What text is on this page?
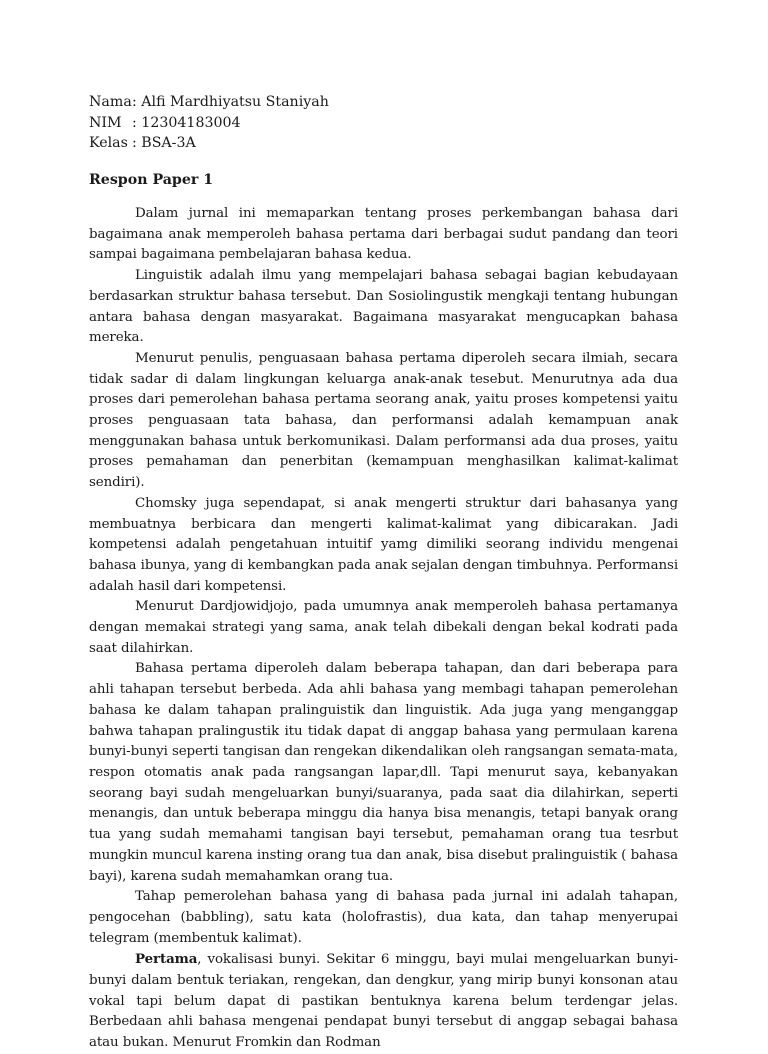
Nama : Alfi Mardhiyatsu Staniyah
NIM : 12304183004
Kelas : BSA-3A
Respon Paper 1

Dalam jurnal ini memaparkan tentang proses perkembangan bahasa dari bagaimana anak memperoleh bahasa pertama dari berbagai sudut pandang dan teori sampai bagaimana pembelajaran bahasa kedua.

Linguistik adalah ilmu yang mempelajari bahasa sebagai bagian kebudayaan berdasarkan struktur bahasa tersebut. Dan Sosiolingustik mengkaji tentang hubungan antara bahasa dengan masyarakat. Bagaimana masyarakat mengucapkan bahasa mereka.

Menurut penulis, penguasaan bahasa pertama diperoleh secara ilmiah, secara tidak sadar di dalam lingkungan keluarga anak-anak tesebut. Menurutnya ada dua proses dari pemerolehan bahasa pertama seorang anak, yaitu proses kompetensi yaitu proses penguasaan tata bahasa, dan performansi adalah kemampuan anak menggunakan bahasa untuk berkomunikasi. Dalam performansi ada dua proses, yaitu proses pemahaman dan penerbitan (kemampuan menghasilkan kalimat-kalimat sendiri).

Chomsky juga sependapat, si anak mengerti struktur dari bahasanya yang membuatnya berbicara dan mengerti kalimat-kalimat yang dibicarakan. Jadi kompetensi adalah pengetahuan intuitif yamg dimiliki seorang individu mengenai bahasa ibunya, yang di kembangkan pada anak sejalan dengan timbuhnya. Performansi adalah hasil dari kompetensi.

Menurut Dardjowidjojo, pada umumnya anak memperoleh bahasa pertamanya dengan memakai strategi yang sama, anak telah dibekali dengan bekal kodrati pada saat dilahirkan.

Bahasa pertama diperoleh dalam beberapa tahapan, dan dari beberapa para ahli tahapan tersebut berbeda. Ada ahli bahasa yang membagi tahapan pemerolehan bahasa ke dalam tahapan pralinguistik dan linguistik. Ada juga yang menganggap bahwa tahapan pralingustik itu tidak dapat di anggap bahasa yang permulaan karena bunyi-bunyi seperti tangisan dan rengekan dikendalikan oleh rangsangan semata-mata, respon otomatis anak pada rangsangan lapar,dll. Tapi menurut saya, kebanyakan seorang bayi sudah mengeluarkan bunyi/suaranya, pada saat dia dilahirkan, seperti menangis, dan untuk beberapa minggu dia hanya bisa menangis, tetapi banyak orang tua yang sudah memahami tangisan bayi tersebut, pemahaman orang tua tesrbut mungkin muncul karena insting orang tua dan anak, bisa disebut pralinguistik ( bahasa bayi), karena sudah memahamkan orang tua.

Tahap pemerolehan bahasa yang di bahasa pada jurnal ini adalah tahapan, pengocehan (babbling), satu kata (holofrastis), dua kata, dan tahap menyerupai telegram (membentuk kalimat).

Pertama, vokalisasi bunyi. Sekitar 6 minggu, bayi mulai mengeluarkan bunyi-bunyi dalam bentuk teriakan, rengekan, dan dengkur, yang mirip bunyi konsonan atau vokal tapi belum dapat di pastikan bentuknya karena belum terdengar jelas. Berbedaan ahli bahasa mengenai pendapat bunyi tersebut di anggap sebagai bahasa atau bukan. Menurut Fromkin dan Rodman
